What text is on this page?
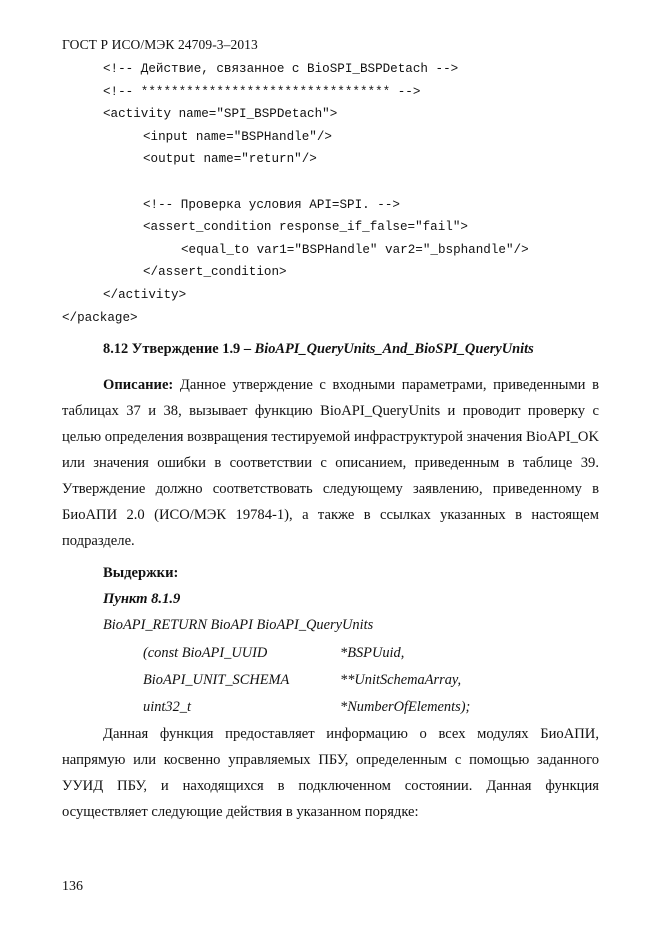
ГОСТ Р ИСО/МЭК 24709-3–2013
<!-- Действие, связанное с BioSPI_BSPDetach -->
<!-- ********************************* -->
<activity name="SPI_BSPDetach">
<input name="BSPHandle"/>
<output name="return"/>
<!-- Проверка условия API=SPI. -->
<assert_condition response_if_false="fail">
<equal_to var1="BSPHandle" var2="_bsphandle"/>
</assert_condition>
</activity>
</package>
8.12 Утверждение 1.9 – BioAPI_QueryUnits_And_BioSPI_QueryUnits
Описание: Данное утверждение с входными параметрами, приведенными в таблицах 37 и 38, вызывает функцию BioAPI_QueryUnits и проводит проверку с целью определения возвращения тестируемой инфраструктурой значения BioAPI_OK или значения ошибки в соответствии с описанием, приведенным в таблице 39. Утверждение должно соответствовать следующему заявлению, приведенному в БиоАПИ 2.0 (ИСО/МЭК 19784-1), а также в ссылках указанных в настоящем подразделе.
Выдержки:
Пункт 8.1.9
BioAPI_RETURN BioAPI BioAPI_QueryUnits
(const BioAPI_UUID	*BSPUuid,
BioAPI_UNIT_SCHEMA	**UnitSchemaArray,
uint32_t	*NumberOfElements);
Данная функция предоставляет информацию о всех модулях БиоАПИ, напрямую или косвенно управляемых ПБУ, определенным с помощью заданного УУИД ПБУ, и находящихся в подключенном состоянии. Данная функция осуществляет следующие действия в указанном порядке:
136
